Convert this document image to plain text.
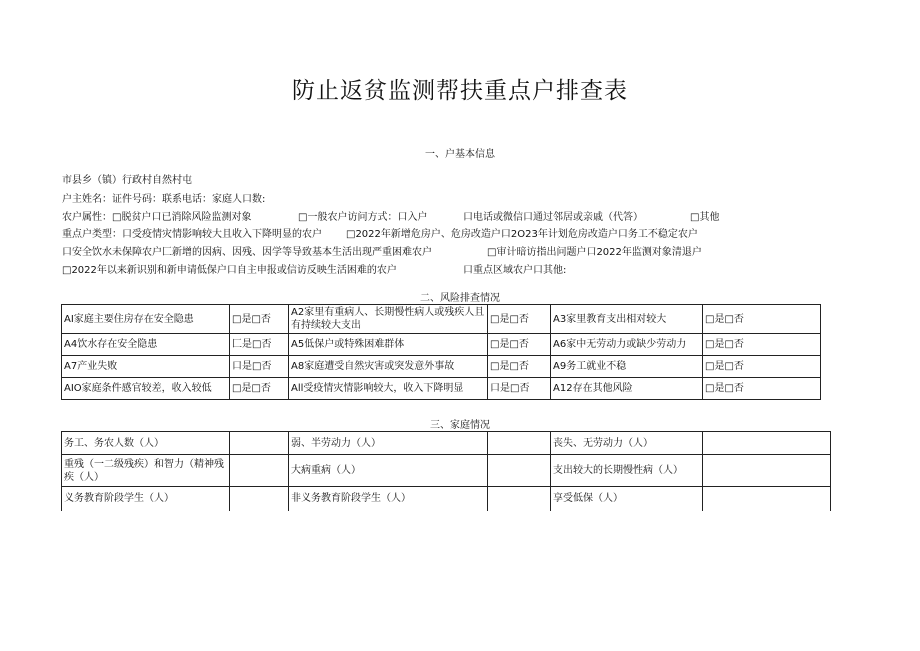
防止返贫监测帮扶重点户排查表
一、户基本信息
市县乡（镇）行政村自然村屯
户主姓名：证件号码：联系电话：家庭人口数:
农户属性：□脱贫户口已消除风险监测对象	□一般农户访问方式：口入户	口电话或微信口通过邻居或亲戚（代答）	□其他
重点户类型：口受疫情灾情影响较大且收入下降明显的农户 □2022年新增危房户、危房改造户口2O23年计划危房改造户口务工不稳定农户
口安全饮水未保障农户匚新增的因病、因残、因学等导致基本生活出现严重困难农户	□审计暗访指出问题户口2022年监测对象清退户
□2022年以来新识别和新申请低保户口自主申报或信访反映生活困难的农户	口重点区域农户口其他:
二、风险排查情况
AI家庭主要住房存在安全隐患	□是□否	A2家里有重病人、长期慢性病人或残疾人且有持续较大支出	□是□否	A3家里教育支出相对较大	□是□否
A4饮水存在安全隐患	匚是□否	A5低保户或特殊困难群体	□是□否	A6家中无劳动力或缺少劳动力	□是□否
A7产业失败	口是□否	A8家庭遭受自然灾害或突发意外事故	□是□否	A9务工就业不稳	□是□否
AIO家庭条件感官较差，收入较低	□是□否	All受疫情灾情影响较大，收入下降明显	口是□否	A12存在其他风险	□是□否
三、家庭情况
务工、务农人数（人）		弱、半劳动力（人）		丧失、无劳动力（人）	
重残（一二级残疾）和智力（精神残疾（人）		大病重病（人）		支出较大的长期慢性病（人）	
义务教育阶段学生（人）		非义务教育阶段学生（人）		享受低保（人）	
